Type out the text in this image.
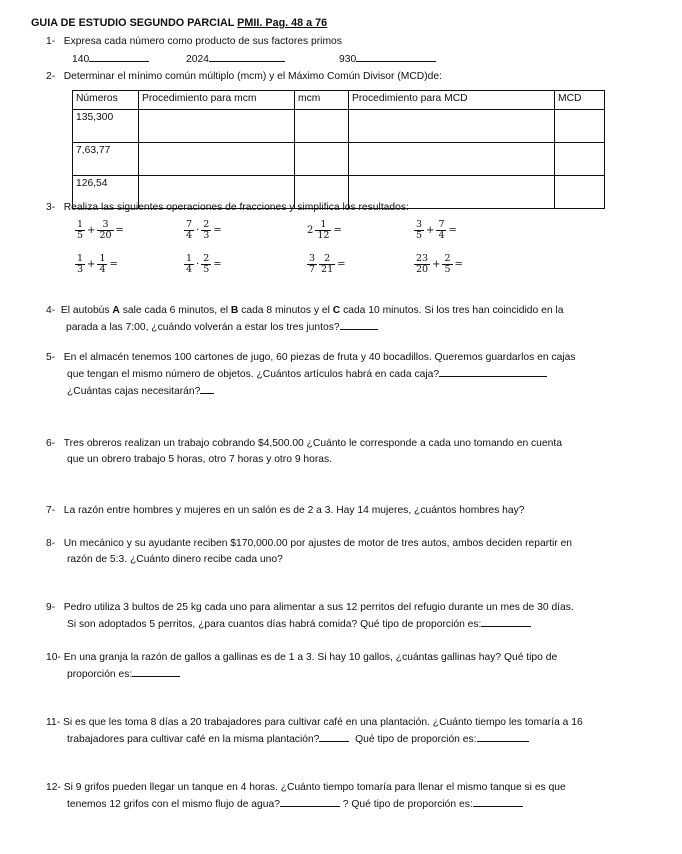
GUIA DE ESTUDIO SEGUNDO PARCIAL PMII. Pag. 48 a 76
1- Expresa cada número como producto de sus factores primos
140	2024	930
2- Determinar el mínimo común múltiplo (mcm) y el Máximo Común Divisor (MCD)de:
Números	Procedimiento para mcm	mcm	Procedimiento para MCD	MCD
135,300				
7,63,77				
126,54				
3- Realiza las siguientes operaciones de fracciones y simplifica los resultados:
$\frac{1}{5} + \frac{3}{20}$ =	$\frac{7}{4} \cdot \frac{2}{3}$ =	$2 \frac{1}{12}$ =	$\frac{3}{5} + \frac{7}{4}$ =
$\frac{1}{3} + \frac{1}{4}$ =	$\frac{1}{4} \cdot \frac{2}{5}$ =	$\frac{3}{7} \frac{2}{21}$ =	$\frac{23}{20} + \frac{2}{5}$ =
4- El autobús A sale cada 6 minutos, el B cada 8 minutos y el C cada 10 minutos. Si los tres han coincidido en la
parada a las 7:00, ¿cuándo volverán a estar los tres juntos?
5- En el almacén tenemos 100 cartones de jugo, 60 piezas de fruta y 40 bocadillos. Queremos guardarlos en cajas
que tengan el mismo número de objetos. ¿Cuántos artículos habrá en cada caja?
¿Cuántas cajas necesitarán?
6- Tres obreros realizan un trabajo cobrando $4,500.00 ¿Cuánto le corresponde a cada uno tomando en cuenta
que un obrero trabajo 5 horas, otro 7 horas y otro 9 horas.
7- La razón entre hombres y mujeres en un salón es de 2 a 3. Hay 14 mujeres, ¿cuántos hombres hay?
8- Un mecánico y su ayudante reciben $170,000.00 por ajustes de motor de tres autos, ambos deciden repartir en
razón de 5:3. ¿Cuánto dinero recibe cada uno?
9- Pedro utiliza 3 bultos de 25 kg cada uno para alimentar a sus 12 perritos del refugio durante un mes de 30 días.
Si son adoptados 5 perritos, ¿para cuantos días habrá comida? Qué tipo de proporción es:
10- En una granja la razón de gallos a gallinas es de 1 a 3. Si hay 10 gallos, ¿cuántas gallinas hay? Qué tipo de
proporción es:
11- Si es que les toma 8 días a 20 trabajadores para cultivar café en una plantación. ¿Cuánto tiempo les tomaría a 16
trabajadores para cultivar café en la misma plantación?	Qué tipo de proporción es:
12- Si 9 grifos pueden llegar un tanque en 4 horas. ¿Cuánto tiempo tomaría para llenar el mismo tanque si es que
tenemos 12 grifos con el mismo flujo de agua?	? Qué tipo de proporción es:
